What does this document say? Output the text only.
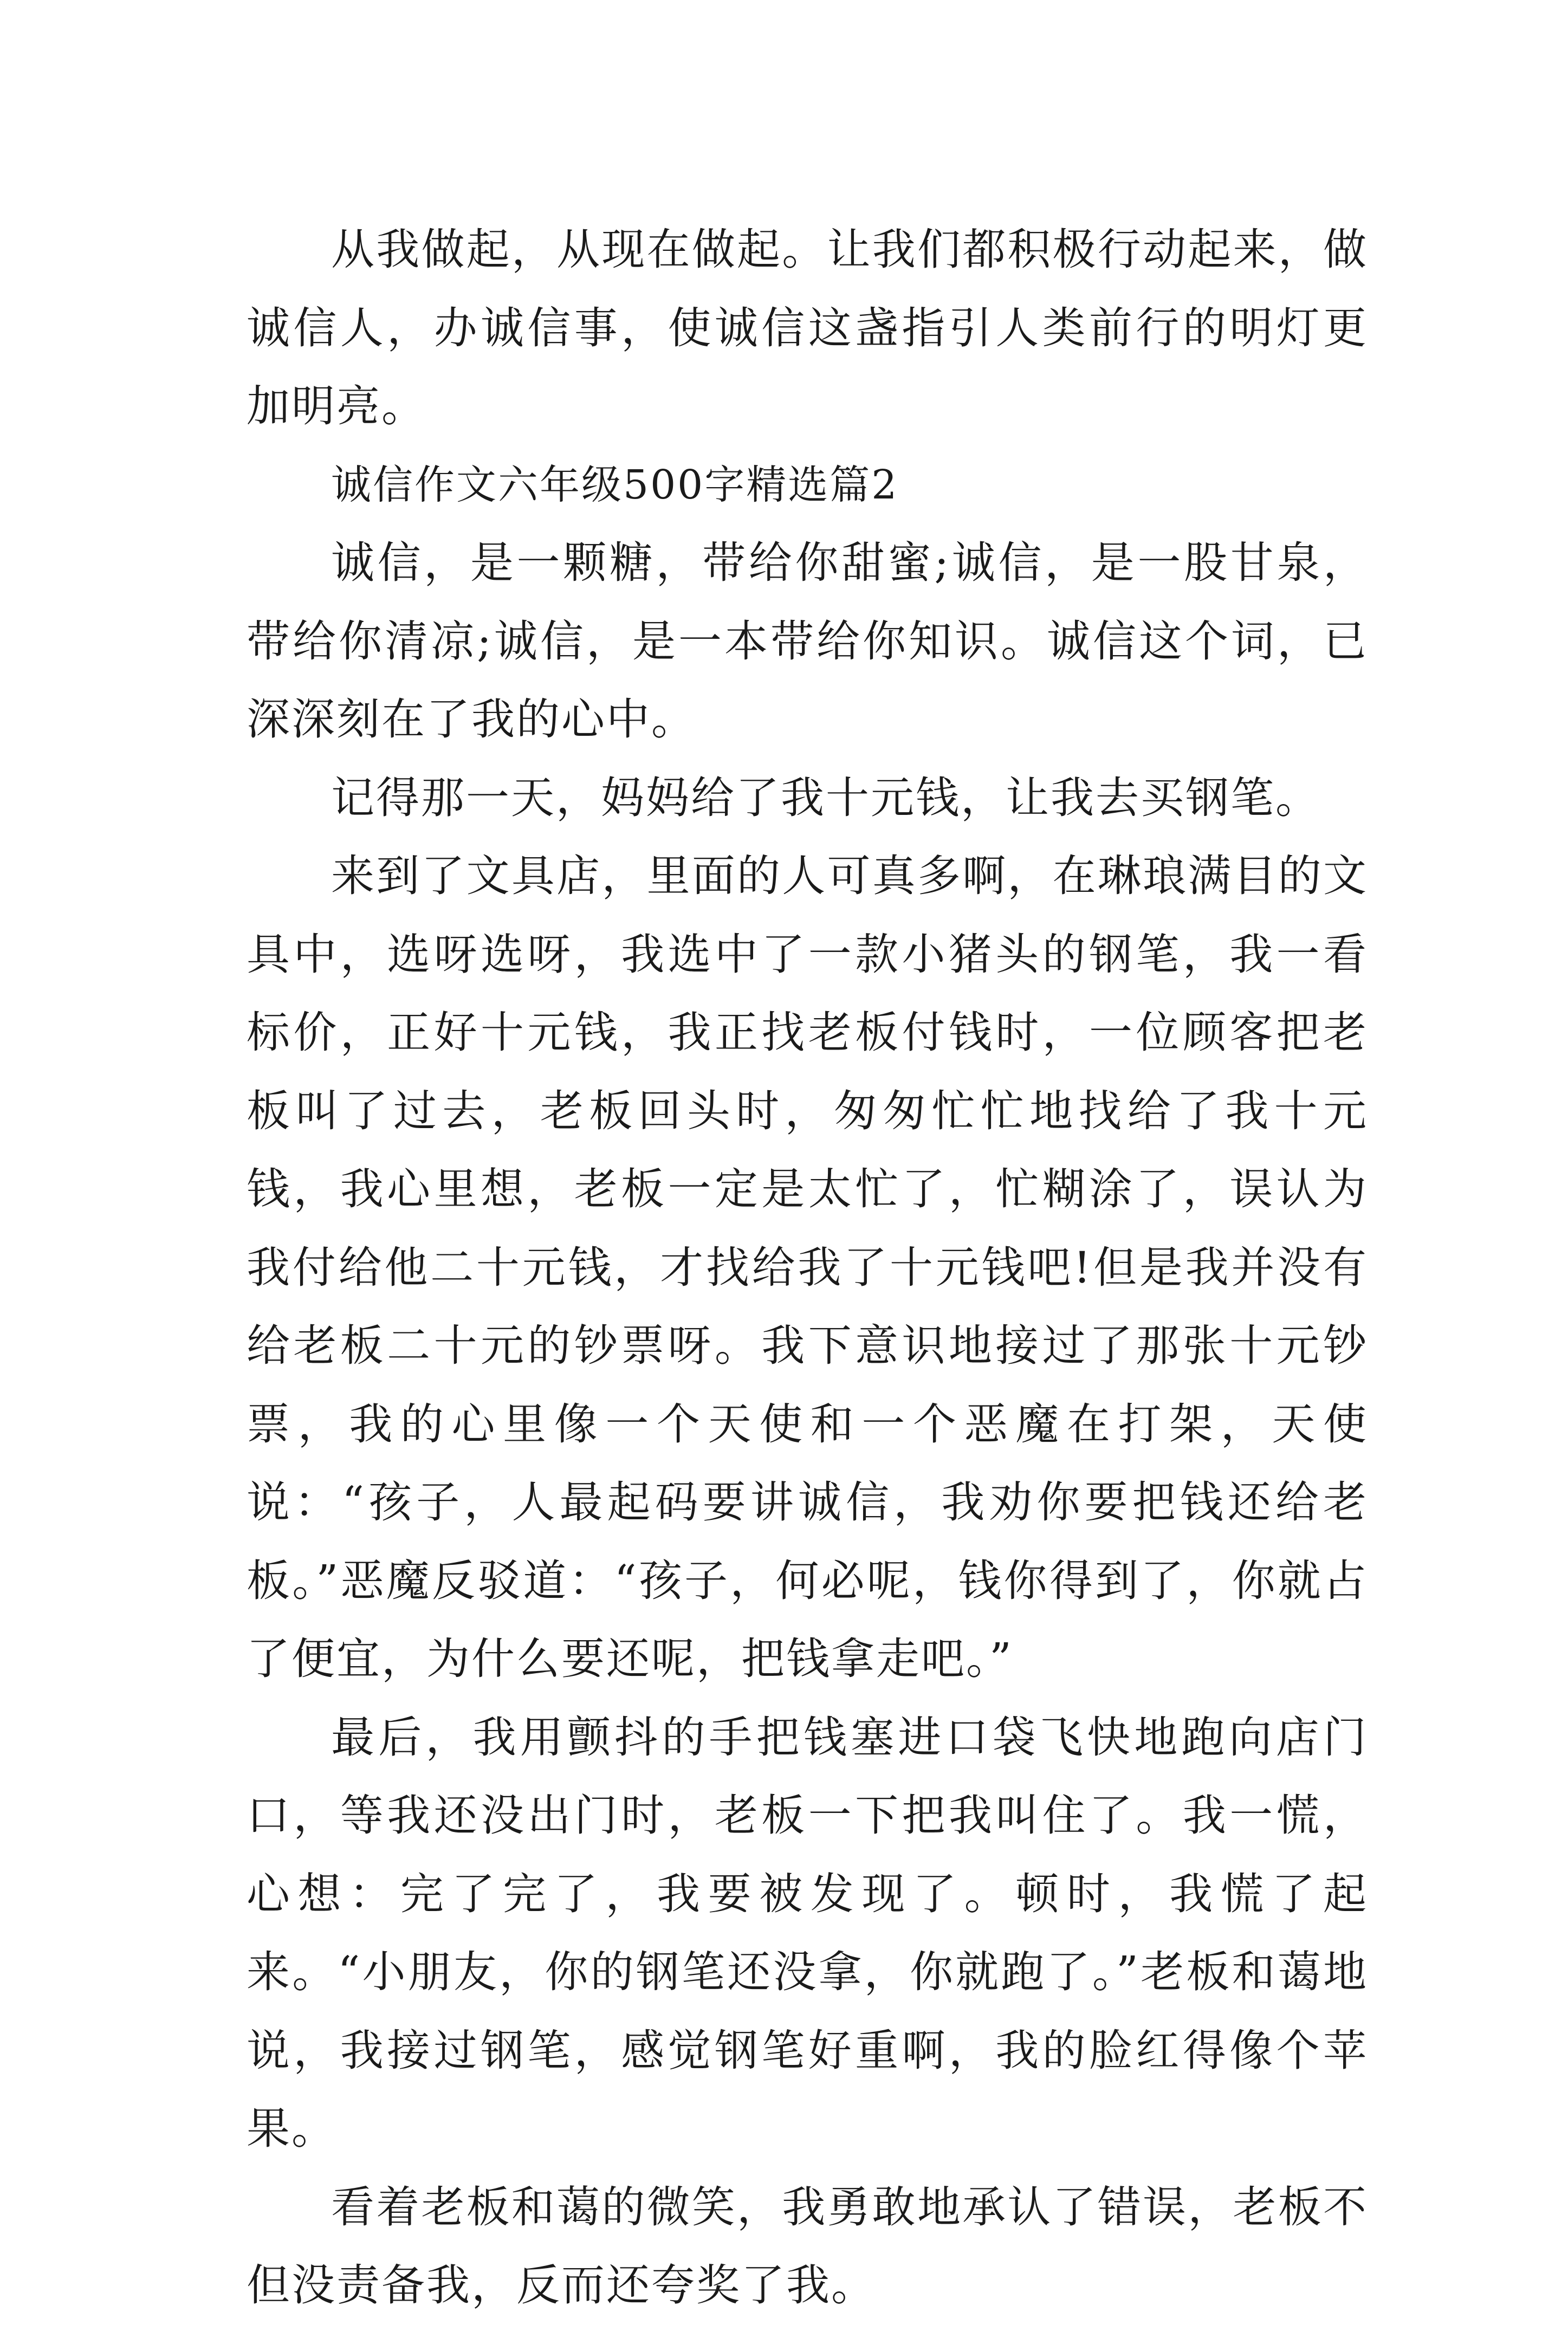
从我做起，从现在做起。让我们都积极行动起来，做诚信人，办诚信事，使诚信这盏指引人类前行的明灯更加明亮。

诚信作文六年级500字精选篇2

诚信，是一颗糖，带给你甜蜜;诚信，是一股甘泉，带给你清凉;诚信，是一本带给你知识。诚信这个词，已深深刻在了我的心中。

记得那一天，妈妈给了我十元钱，让我去买钢笔。

来到了文具店，里面的人可真多啊，在琳琅满目的文具中，选呀选呀，我选中了一款小猪头的钢笔，我一看标价，正好十元钱，我正找老板付钱时，一位顾客把老板叫了过去，老板回头时，匆匆忙忙地找给了我十元钱，我心里想，老板一定是太忙了，忙糊涂了，误认为我付给他二十元钱，才找给我了十元钱吧!但是我并没有给老板二十元的钞票呀。我下意识地接过了那张十元钞票，我的心里像一个天使和一个恶魔在打架，天使说：“孩子，人最起码要讲诚信，我劝你要把钱还给老板。”恶魔反驳道：“孩子，何必呢，钱你得到了，你就占了便宜，为什么要还呢，把钱拿走吧。”

最后，我用颤抖的手把钱塞进口袋飞快地跑向店门口，等我还没出门时，老板一下把我叫住了。我一慌，心想：完了完了，我要被发现了。顿时，我慌了起来。“小朋友，你的钢笔还没拿，你就跑了。”老板和蔼地说，我接过钢笔，感觉钢笔好重啊，我的脸红得像个苹果。

看着老板和蔼的微笑，我勇敢地承认了错误，老板不但没责备我，反而还夸奖了我。
